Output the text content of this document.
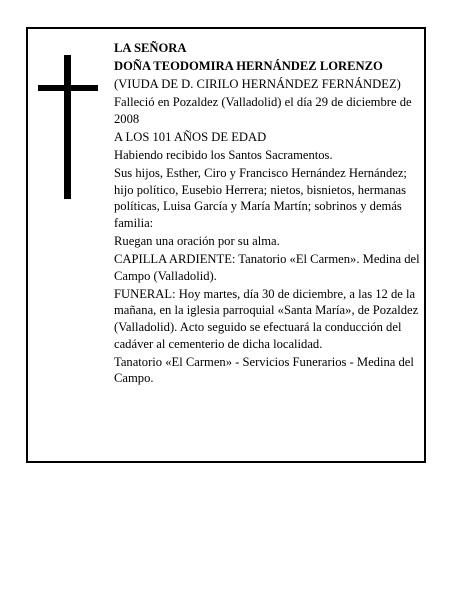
LA SEÑORA

DOÑA TEODOMIRA HERNÁNDEZ LORENZO

(VIUDA DE D. CIRILO HERNÁNDEZ FERNÁNDEZ)

Falleció en Pozaldez (Valladolid) el día 29 de diciembre de 2008

A LOS 101 AÑOS DE EDAD

Habiendo recibido los Santos Sacramentos.

Sus hijos, Esther, Ciro y Francisco Hernández Hernández; hijo político, Eusebio Herrera; nietos, bisnietos, hermanas políticas, Luisa García y María Martín; sobrinos y demás familia:

Ruegan una oración por su alma.

CAPILLA ARDIENTE: Tanatorio «El Carmen». Medina del Campo (Valladolid).

FUNERAL: Hoy martes, día 30 de diciembre, a las 12 de la mañana, en la iglesia parroquial «Santa María», de Pozaldez (Valladolid). Acto seguido se efectuará la conducción del cadáver al cementerio de dicha localidad.

Tanatorio «El Carmen» - Servicios Funerarios - Medina del Campo.
